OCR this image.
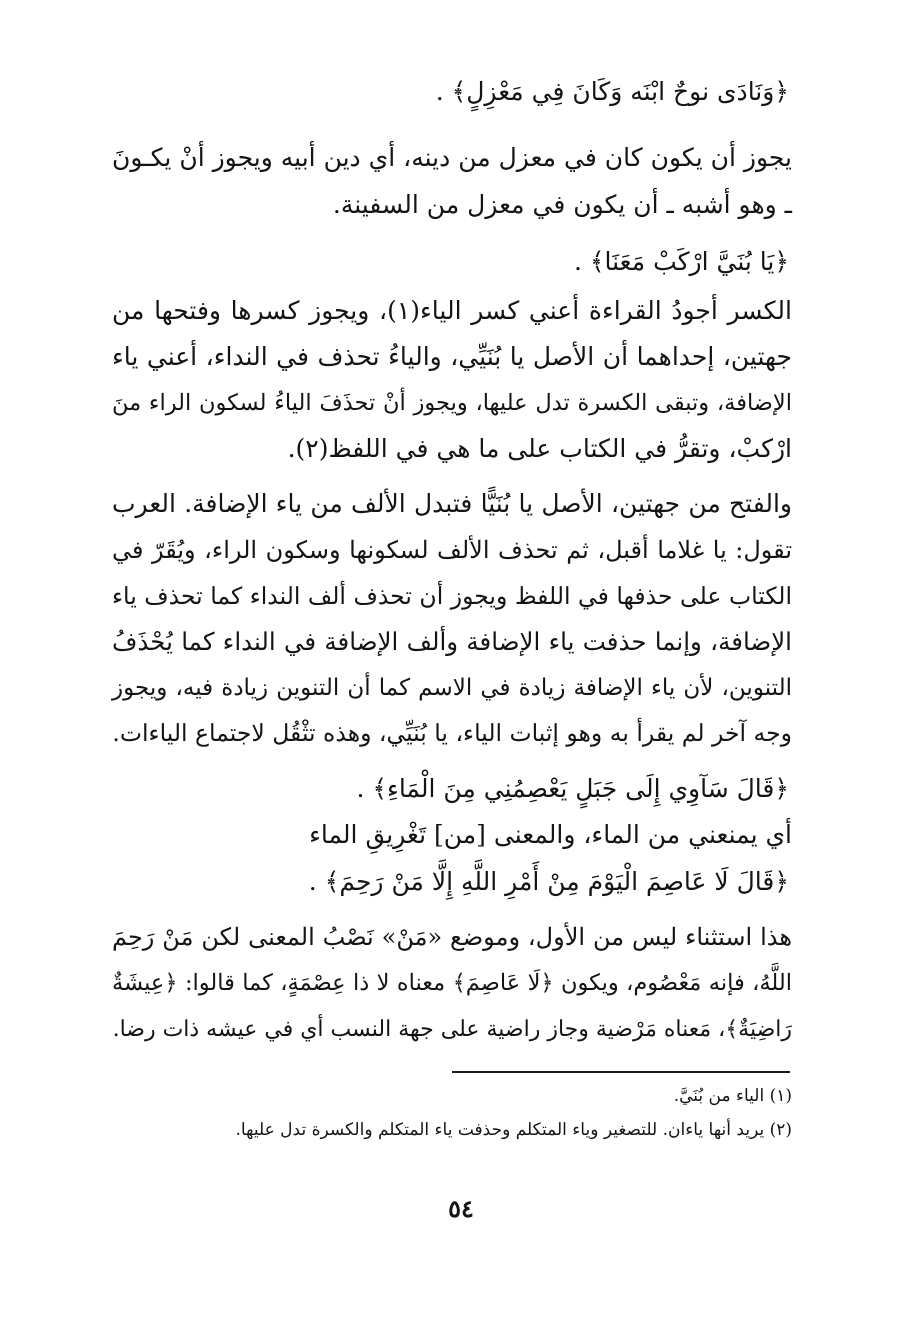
﴿وَنَادَى نوحٌ ابْنَه وَكَانَ فِي مَعْزِلٍ﴾ .
يجوز أن يكون كان في معزل من دينه، أي دين أبيه ويجوز أنْ يكـونَ
ـ وهو أشبه ـ أن يكون في معزل من السفينة.
﴿يَا بُنَيَّ ارْكَبْ مَعَنَا﴾ .
الكسر أجودُ القراءة أعني كسر الياء(١)، ويجوز كسرها وفتحها من
جهتين، إحداهما أن الأصل يا بُنَيِّي، والياءُ تحذف في النداء، أعني ياء
الإضافة، وتبقى الكسرة تدل عليها، ويجوز أنْ تحذَفَ الياءُ لسكون الراء منَ
ارْكبْ، وتقرُّ في الكتاب على ما هي في اللفظ(٢).
والفتح من جهتين، الأصل يا بُنَيًّا فتبدل الألف من ياء الإضافة. العرب
تقول: يا غلاما أقبل، ثم تحذف الألف لسكونها وسكون الراء، ويُقَرّ في
الكتاب على حذفها في اللفظ ويجوز أن تحذف ألف النداء كما تحذف ياء
الإضافة، وإنما حذفت ياء الإضافة وألف الإضافة في النداء كما يُحْذَفُ
التنوين، لأن ياء الإضافة زيادة في الاسم كما أن التنوين زيادة فيه، ويجوز
وجه آخر لم يقرأ به وهو إثبات الياء، يا بُنَيِّي، وهذه تثْقُل لاجتماع الياءات.
﴿قَالَ سَآوِي إِلَى جَبَلٍ يَعْصِمُنِي مِنَ الْمَاءِ﴾ .
أي يمنعني من الماء، والمعنى [من] تَغْرِيقِ الماء
﴿قَالَ لَا عَاصِمَ الْيَوْمَ مِنْ أَمْرِ اللَّهِ إِلَّا مَنْ رَحِمَ﴾ .
هذا استثناء ليس من الأول، وموضع «مَنْ» نَصْبُ المعنى لكن مَنْ رَحِمَ
اللَّهُ، فإنه مَعْصُوم، ويكون ﴿لَا عَاصِمَ﴾ معناه لا ذا عِصْمَةٍ، كما قالوا: ﴿عِيشَةٌ
رَاضِيَةٌ﴾، مَعناه مَرْضية وجاز راضية على جهة النسب أي في عيشه ذات رضا.
(١) الياء من بُنَيَّ.
(٢) يريد أنها ياءان. للتصغير وياء المتكلم وحذفت ياء المتكلم والكسرة تدل عليها.
٥٤
